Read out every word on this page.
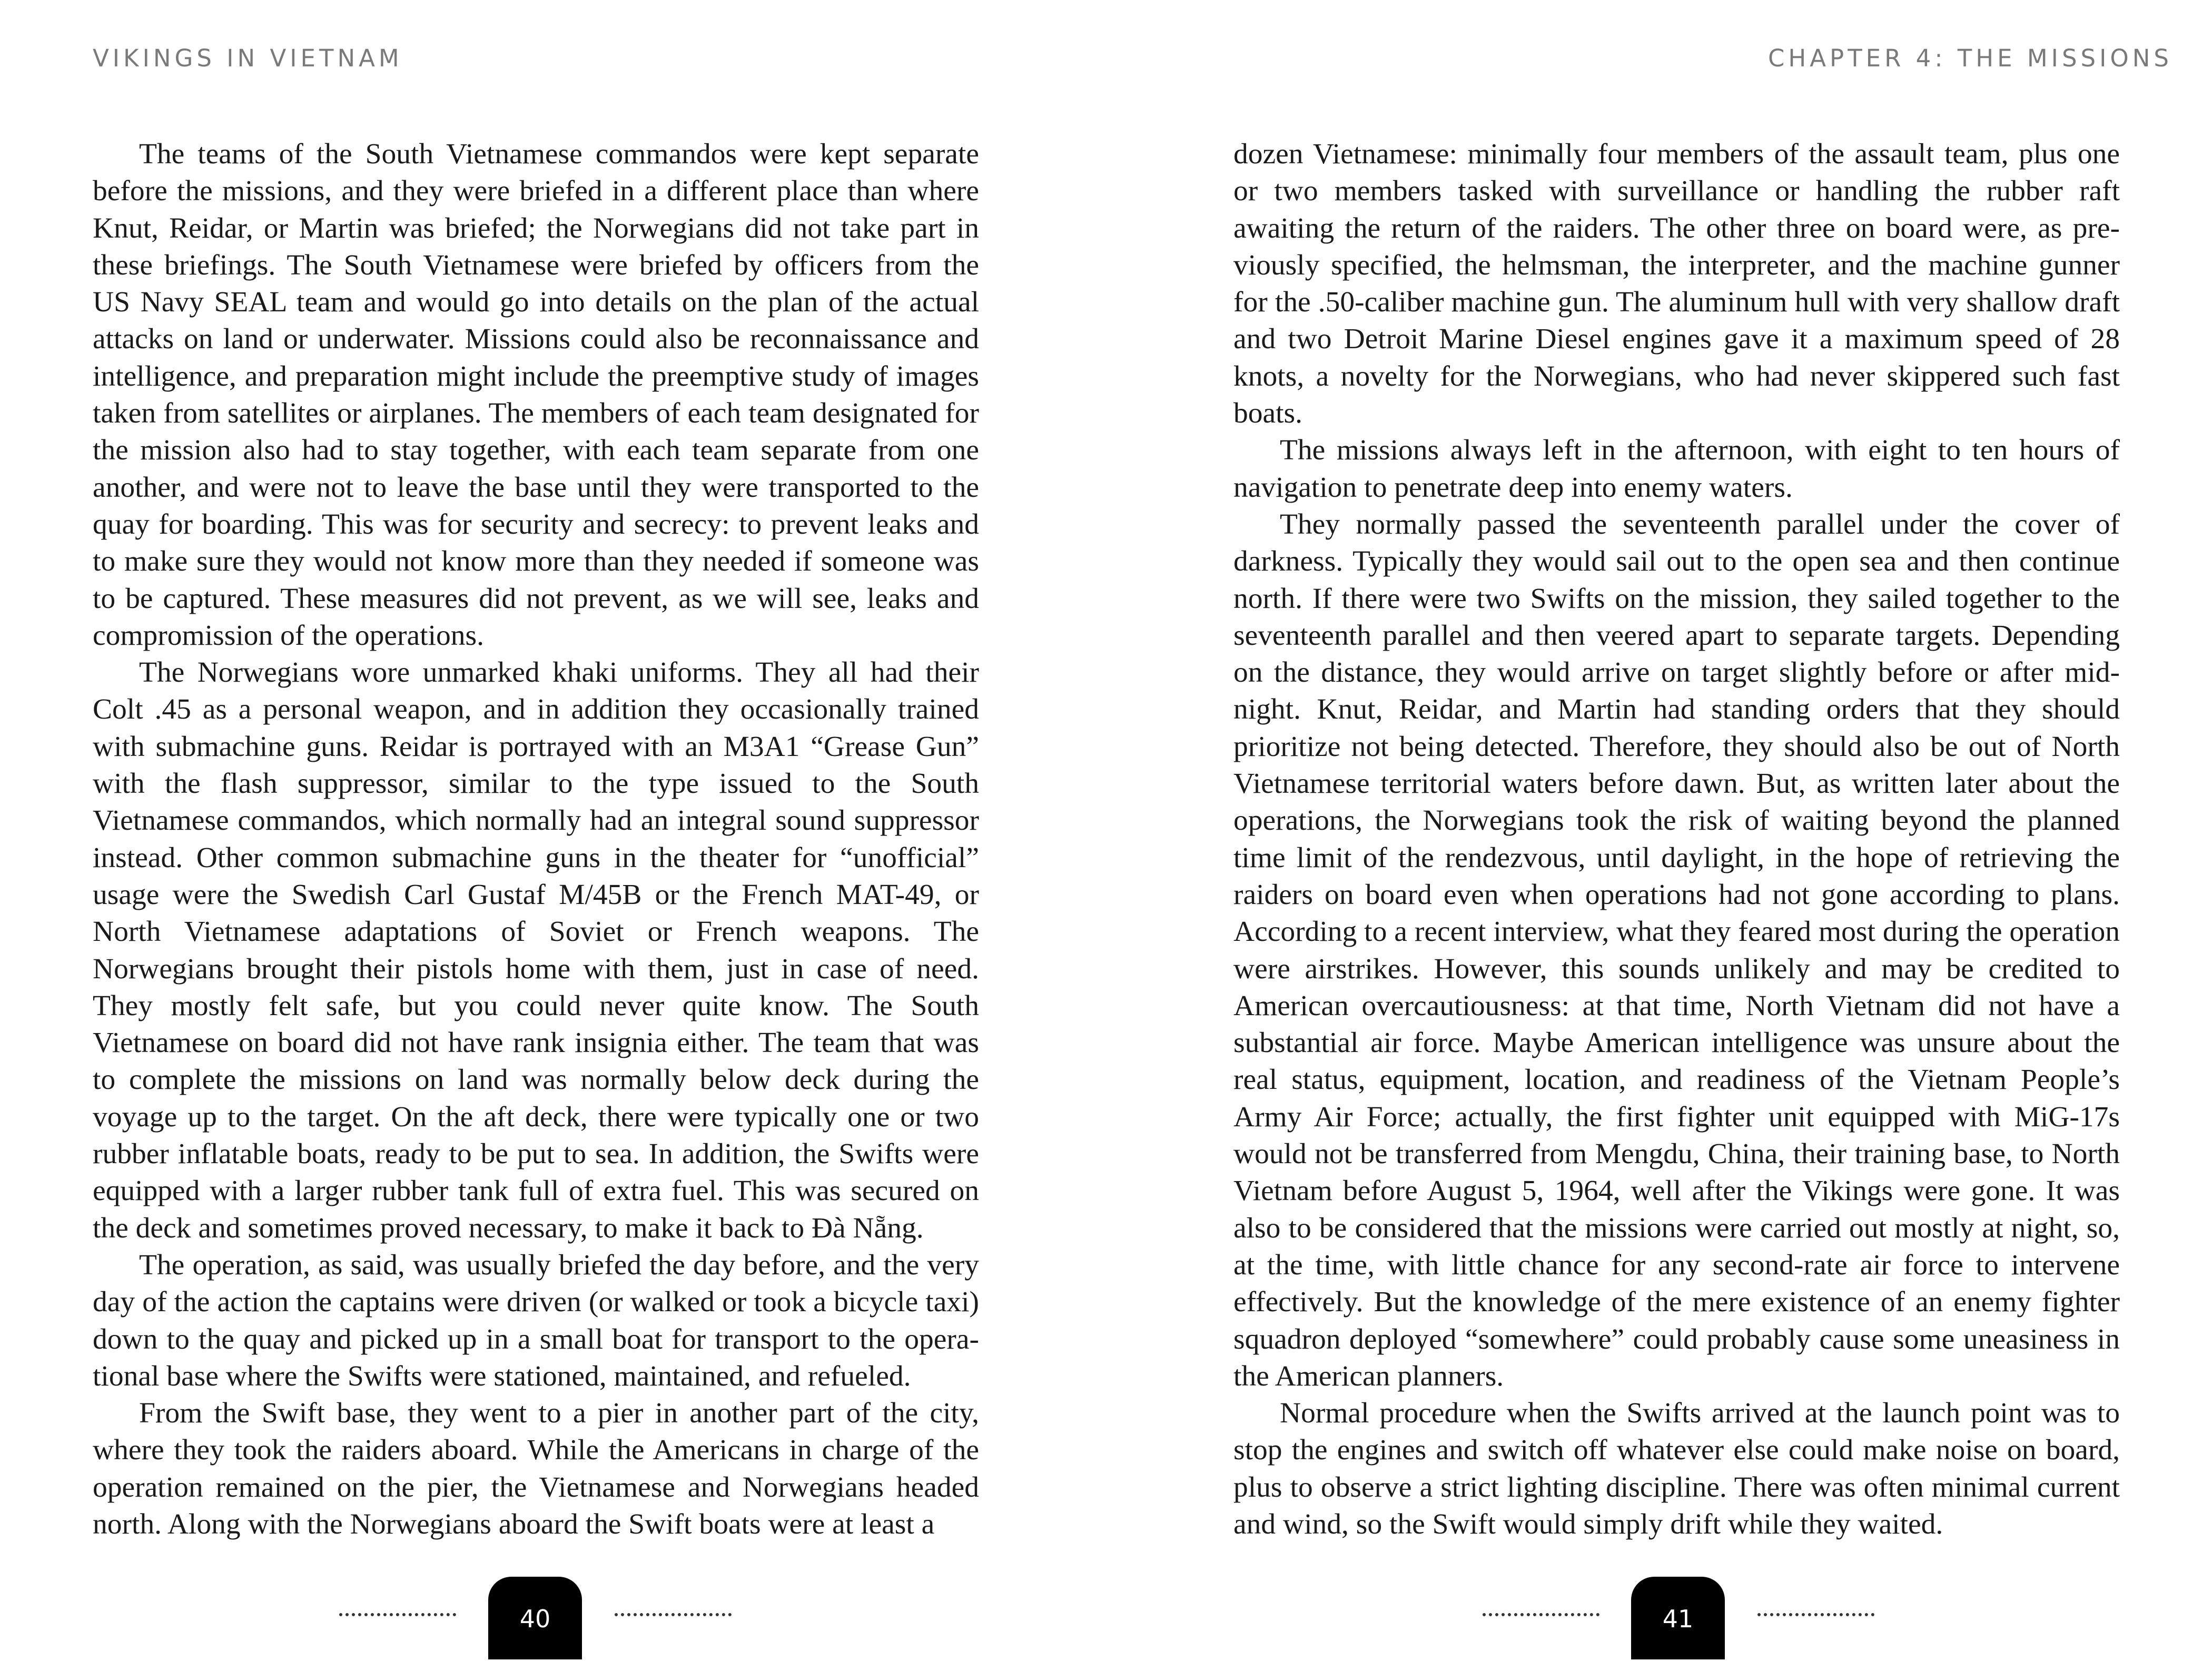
VIKINGS IN VIETNAM

The teams of the South Vietnamese commandos were kept separate before the missions, and they were briefed in a different place than where Knut, Reidar, or Martin was briefed; the Norwegians did not take part in these briefings. The South Vietnamese were briefed by officers from the US Navy SEAL team and would go into details on the plan of the actual attacks on land or underwater. Missions could also be reconnaissance and intelligence, and preparation might include the preemptive study of images taken from satellites or airplanes. The members of each team designated for the mission also had to stay together, with each team separate from one another, and were not to leave the base until they were transported to the quay for boarding. This was for security and secrecy: to prevent leaks and to make sure they would not know more than they needed if someone was to be captured. These measures did not prevent, as we will see, leaks and compromission of the operations.

The Norwegians wore unmarked khaki uniforms. They all had their Colt .45 as a personal weapon, and in addition they occasionally trained with submachine guns. Reidar is portrayed with an M3A1 “Grease Gun” with the flash suppressor, similar to the type issued to the South Vietnamese commandos, which normally had an integral sound suppressor instead. Other common submachine guns in the theater for “unofficial” usage were the Swedish Carl Gustaf M/45B or the French MAT-49, or North Vietnamese adaptations of Soviet or French weapons. The Norwegians brought their pistols home with them, just in case of need. They mostly felt safe, but you could never quite know. The South Vietnamese on board did not have rank insignia either. The team that was to complete the missions on land was normally below deck during the voyage up to the target. On the aft deck, there were typically one or two rubber inflatable boats, ready to be put to sea. In addition, the Swifts were equipped with a larger rubber tank full of extra fuel. This was secured on the deck and sometimes proved necessary, to make it back to Đà Nẵng.

The operation, as said, was usually briefed the day before, and the very day of the action the captains were driven (or walked or took a bicycle taxi) down to the quay and picked up in a small boat for transport to the operational base where the Swifts were stationed, maintained, and refueled.

From the Swift base, they went to a pier in another part of the city, where they took the raiders aboard. While the Americans in charge of the operation remained on the pier, the Vietnamese and Norwegians headed north. Along with the Norwegians aboard the Swift boats were at least a

40
CHAPTER 4: THE MISSIONS

dozen Vietnamese: minimally four members of the assault team, plus one or two members tasked with surveillance or handling the rubber raft awaiting the return of the raiders. The other three on board were, as previously specified, the helmsman, the interpreter, and the machine gunner for the .50-caliber machine gun. The aluminum hull with very shallow draft and two Detroit Marine Diesel engines gave it a maximum speed of 28 knots, a novelty for the Norwegians, who had never skippered such fast boats.

The missions always left in the afternoon, with eight to ten hours of navigation to penetrate deep into enemy waters.

They normally passed the seventeenth parallel under the cover of darkness. Typically they would sail out to the open sea and then continue north. If there were two Swifts on the mission, they sailed together to the seventeenth parallel and then veered apart to separate targets. Depending on the distance, they would arrive on target slightly before or after midnight. Knut, Reidar, and Martin had standing orders that they should prioritize not being detected. Therefore, they should also be out of North Vietnamese territorial waters before dawn. But, as written later about the operations, the Norwegians took the risk of waiting beyond the planned time limit of the rendezvous, until daylight, in the hope of retrieving the raiders on board even when operations had not gone according to plans. According to a recent interview, what they feared most during the operation were airstrikes. However, this sounds unlikely and may be credited to American overcautiousness: at that time, North Vietnam did not have a substantial air force. Maybe American intelligence was unsure about the real status, equipment, location, and readiness of the Vietnam People’s Army Air Force; actually, the first fighter unit equipped with MiG-17s would not be transferred from Mengdu, China, their training base, to North Vietnam before August 5, 1964, well after the Vikings were gone. It was also to be considered that the missions were carried out mostly at night, so, at the time, with little chance for any second-rate air force to intervene effectively. But the knowledge of the mere existence of an enemy fighter squadron deployed “somewhere” could probably cause some uneasiness in the American planners.

Normal procedure when the Swifts arrived at the launch point was to stop the engines and switch off whatever else could make noise on board, plus to observe a strict lighting discipline. There was often minimal current and wind, so the Swift would simply drift while they waited.

41
